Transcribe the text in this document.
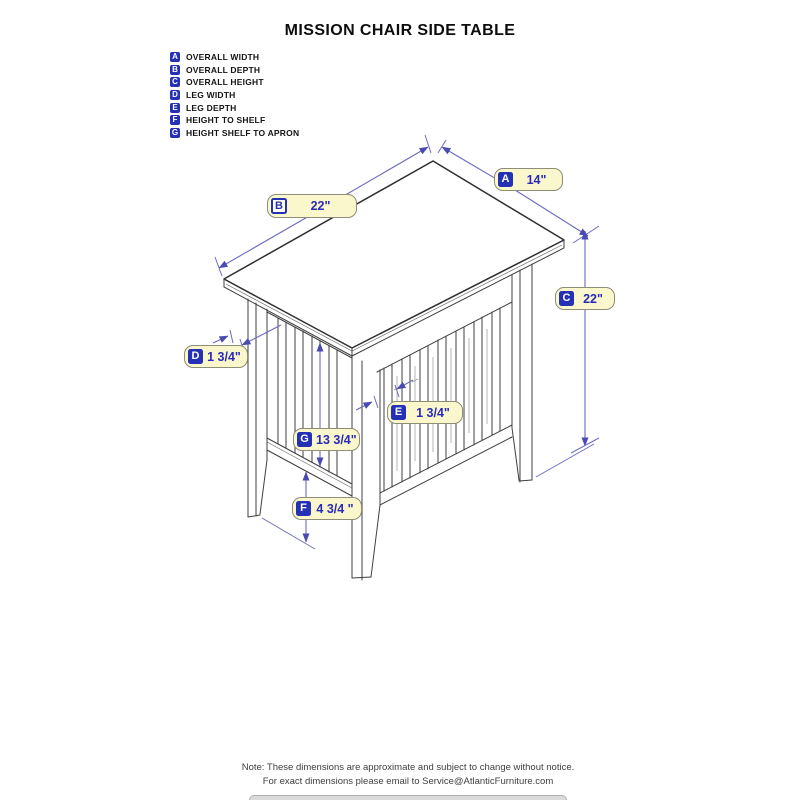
MISSION CHAIR SIDE TABLE
A OVERALL WIDTH
B OVERALL DEPTH
C OVERALL HEIGHT
D LEG WIDTH
E LEG DEPTH
F	HEIGHT TO SHELF
G HEIGHT SHELF TO APRON
A	14"
B	22"
C	22"
D 1 3/4"
E	1 3/4"
G 13 3/4"
F 4 3/4 "
Note: These dimensions are approximate and subject to change without notice.
For exact dimensions please email to Service@AtlanticFurniture.com
